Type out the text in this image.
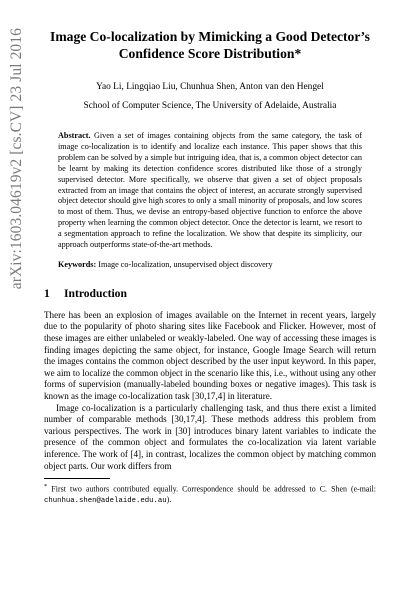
arXiv:1603.04619v2 [cs.CV] 23 Jul 2016	Image Co-localization by Mimicking a Good Detector’s Confidence Score Distribution*
Yao Li, Lingqiao Liu, Chunhua Shen, Anton van den Hengel
School of Computer Science, The University of Adelaide, Australia
Abstract. Given a set of images containing objects from the same category, the task of image co-localization is to identify and localize each instance. This paper shows that this problem can be solved by a simple but intriguing idea, that is, a common object detector can be learnt by making its detection confidence scores distributed like those of a strongly supervised detector. More specifically, we observe that given a set of object proposals extracted from an image that contains the object of interest, an accurate strongly supervised object detector should give high scores to only a small minority of proposals, and low scores to most of them. Thus, we devise an entropy-based objective function to enforce the above property when learning the common object detector. Once the detector is learnt, we resort to a segmentation approach to refine the localization. We show that despite its simplicity, our approach outperforms state-of-the-art methods.
Keywords: Image co-localization, unsupervised object discovery
1	Introduction

There has been an explosion of images available on the Internet in recent years, largely due to the popularity of photo sharing sites like Facebook and Flicker. However, most of these images are either unlabeled or weakly-labeled. One way of accessing these images is finding images depicting the same object, for instance, Google Image Search will return the images contains the common object described by the user input keyword. In this paper, we aim to localize the common object in the scenario like this, i.e., without using any other forms of supervision (manually-labeled bounding boxes or negative images). This task is known as the image co-localization task [30,17,4] in literature.

Image co-localization is a particularly challenging task, and thus there exist a limited number of comparable methods [30,17,4]. These methods address this problem from various perspectives. The work in [30] introduces binary latent variables to indicate the presence of the common object and formulates the co-localization via latent variable inference. The work of [4], in contrast, localizes the common object by matching common object parts. Our work differs from

* First two authors contributed equally. Correspondence should be addressed to C. Shen (e-mail: chunhua.shen@adelaide.edu.au).
